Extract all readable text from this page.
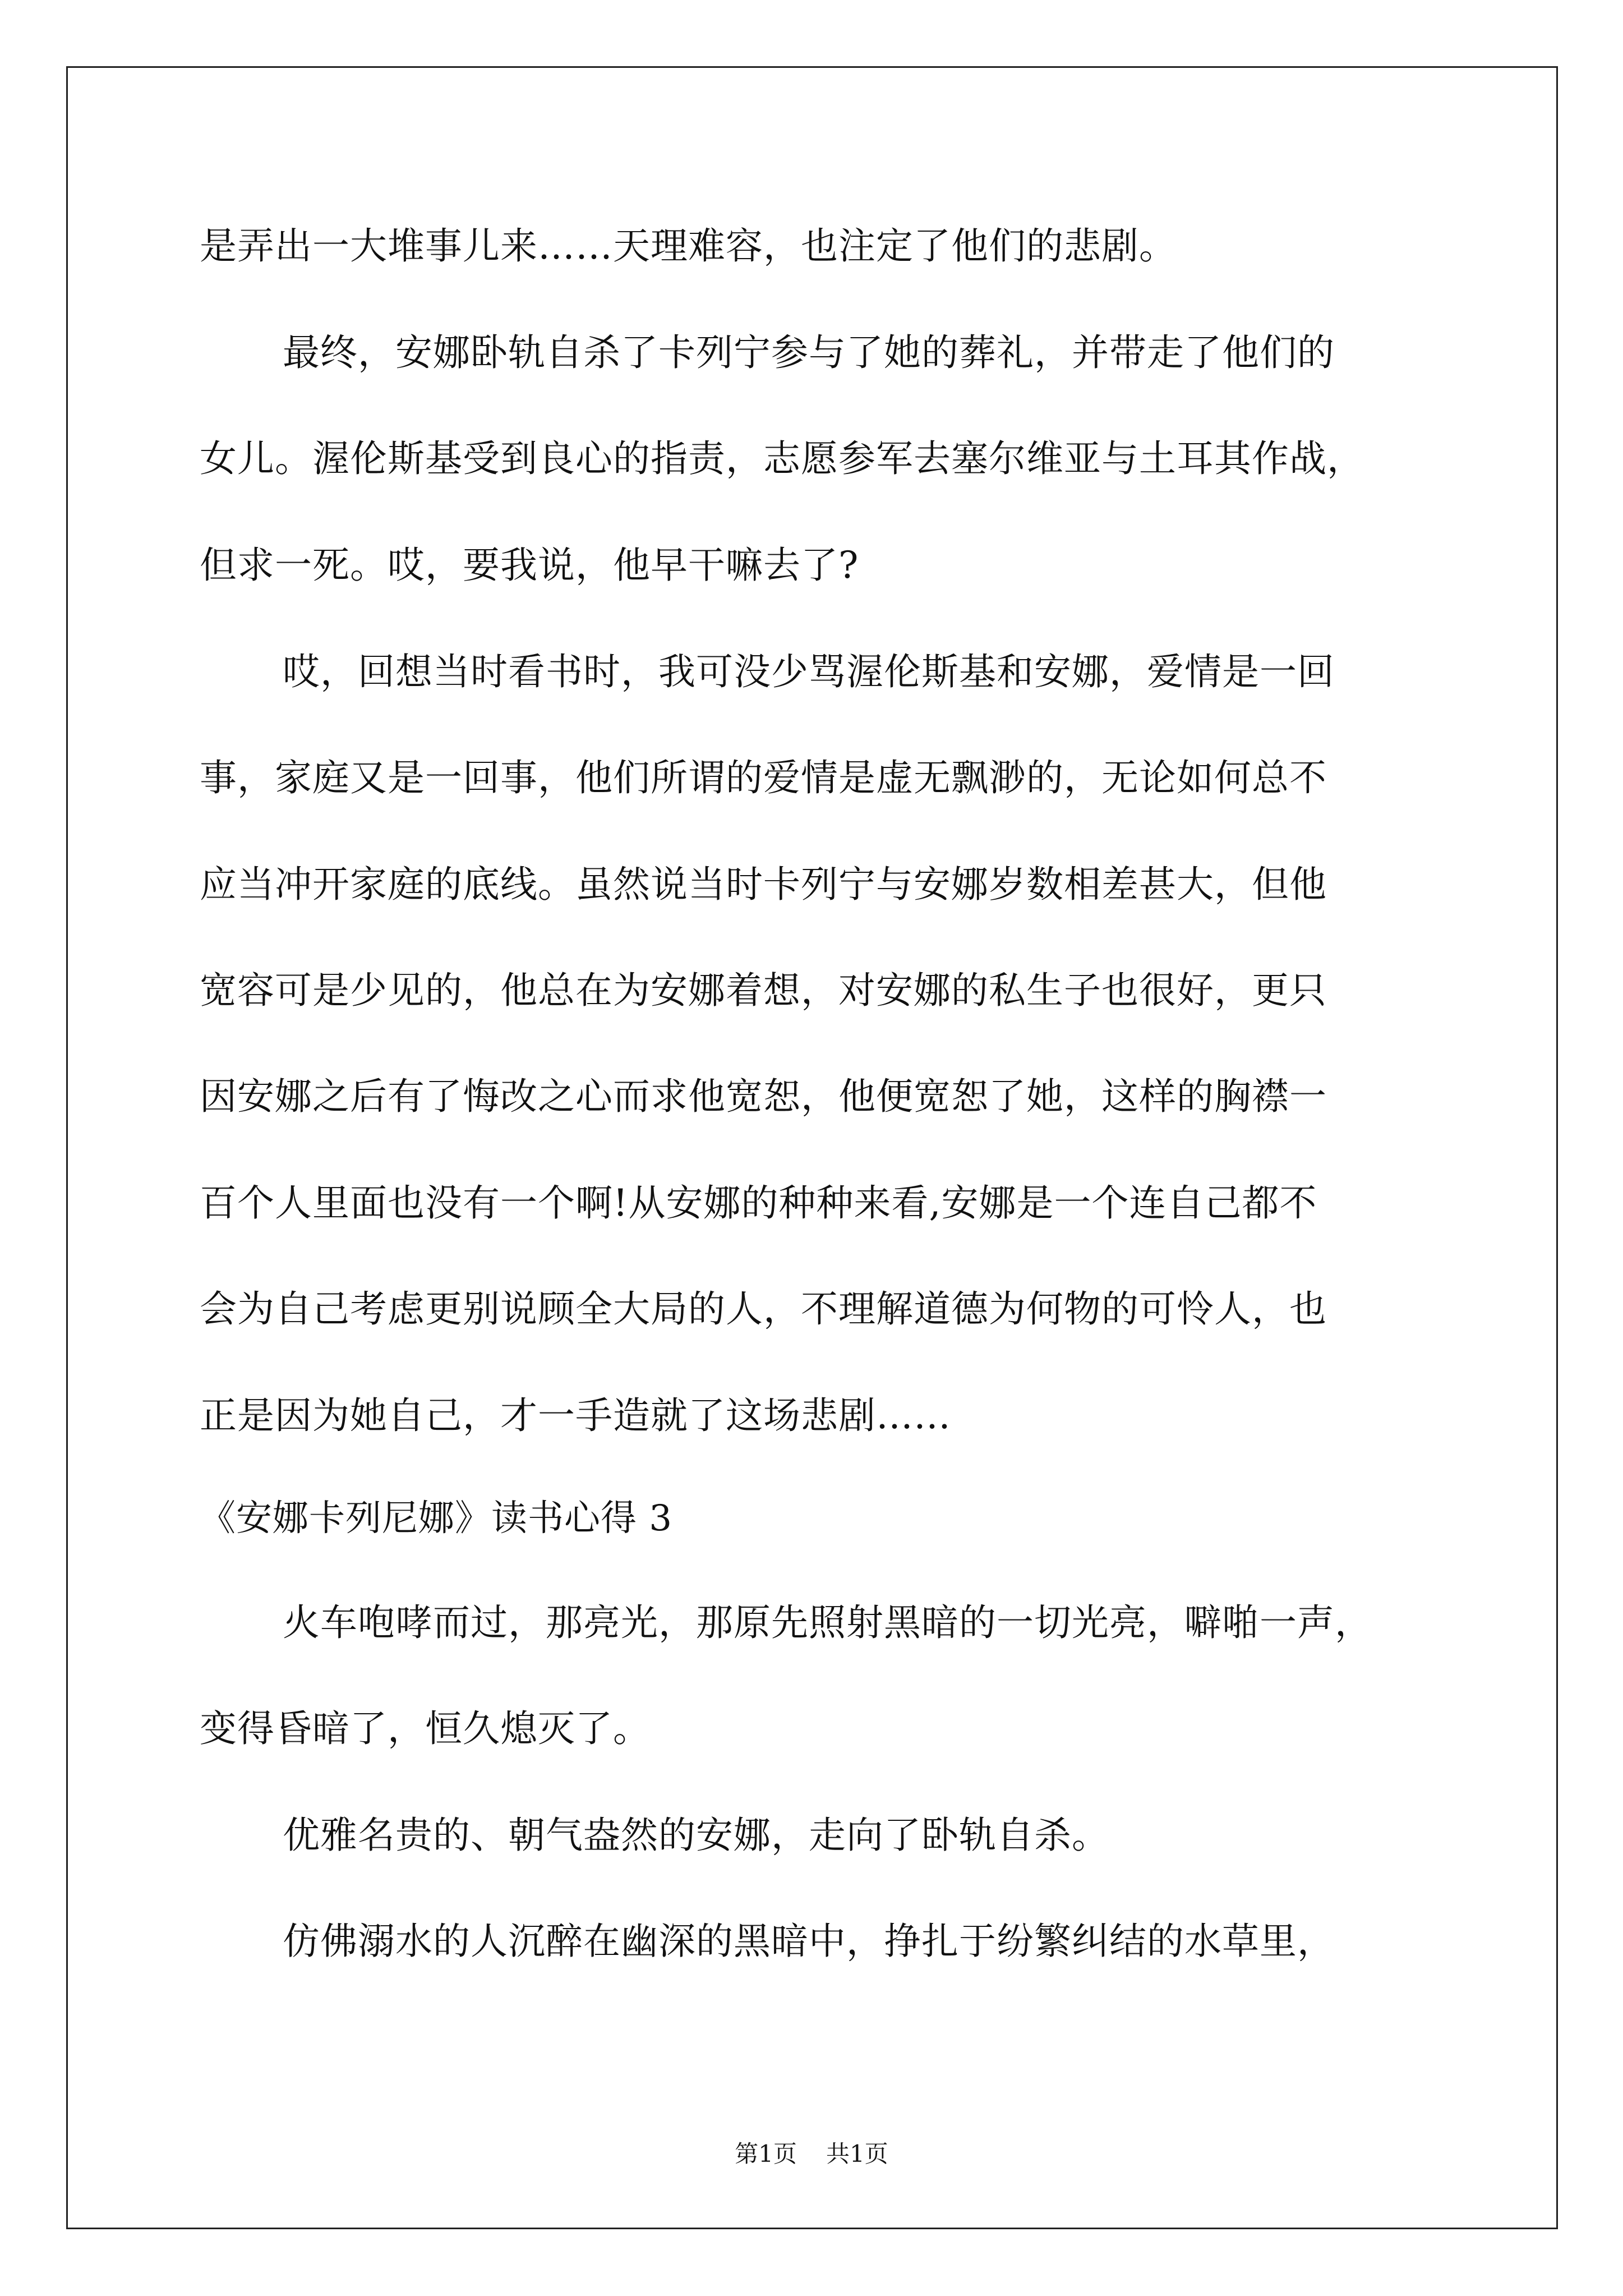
是弄出一大堆事儿来……天理难容，也注定了他们的悲剧。
最终，安娜卧轨自杀了卡列宁参与了她的葬礼，并带走了他们的
女儿。渥伦斯基受到良心的指责，志愿参军去塞尔维亚与土耳其作战，
但求一死。哎，要我说，他早干嘛去了?
哎，回想当时看书时，我可没少骂渥伦斯基和安娜，爱情是一回
事，家庭又是一回事，他们所谓的爱情是虚无飘渺的，无论如何总不
应当冲开家庭的底线。虽然说当时卡列宁与安娜岁数相差甚大，但他
宽容可是少见的，他总在为安娜着想，对安娜的私生子也很好，更只
因安娜之后有了悔改之心而求他宽恕，他便宽恕了她，这样的胸襟一
百个人里面也没有一个啊!从安娜的种种来看,安娜是一个连自己都不
会为自己考虑更别说顾全大局的人，不理解道德为何物的可怜人，也
正是因为她自己，才一手造就了这场悲剧……
《安娜卡列尼娜》读书心得 3
火车咆哮而过，那亮光，那原先照射黑暗的一切光亮，噼啪一声，
变得昏暗了，恒久熄灭了。
优雅名贵的、朝气盎然的安娜，走向了卧轨自杀。
仿佛溺水的人沉醉在幽深的黑暗中，挣扎于纷繁纠结的水草里，
第1页 共1页
